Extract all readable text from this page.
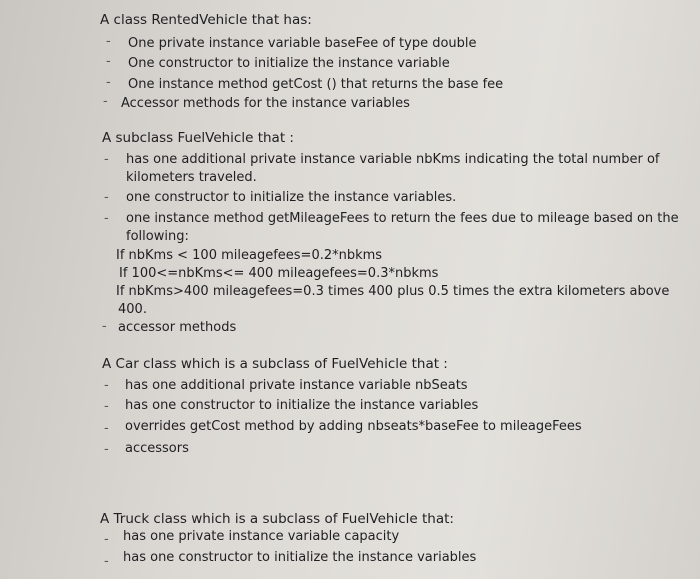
A class RentedVehicle that has:
- One private instance variable baseFee of type double
- One constructor to initialize the instance variable
- One instance method getCost () that returns the base fee
- Accessor methods for the instance variables
A subclass FuelVehicle that :
- has one additional private instance variable nbKms indicating the total number of
kilometers traveled.
- one constructor to initialize the instance variables.
- one instance method getMileageFees to return the fees due to mileage based on the
following:
If nbKms < 100 mileagefees=0.2*nbkms
If 100<=nbKms<= 400 mileagefees=0.3*nbkms
If nbKms>400 mileagefees=0.3 times 400 plus 0.5 times the extra kilometers above
400.
- accessor methods
A Car class which is a subclass of FuelVehicle that :
- has one additional private instance variable nbSeats
- has one constructor to initialize the instance variables
- overrides getCost method by adding nbseats*baseFee to mileageFees
- accessors
A Truck class which is a subclass of FuelVehicle that:
- has one private instance variable capacity
- has one constructor to initialize the instance variables
